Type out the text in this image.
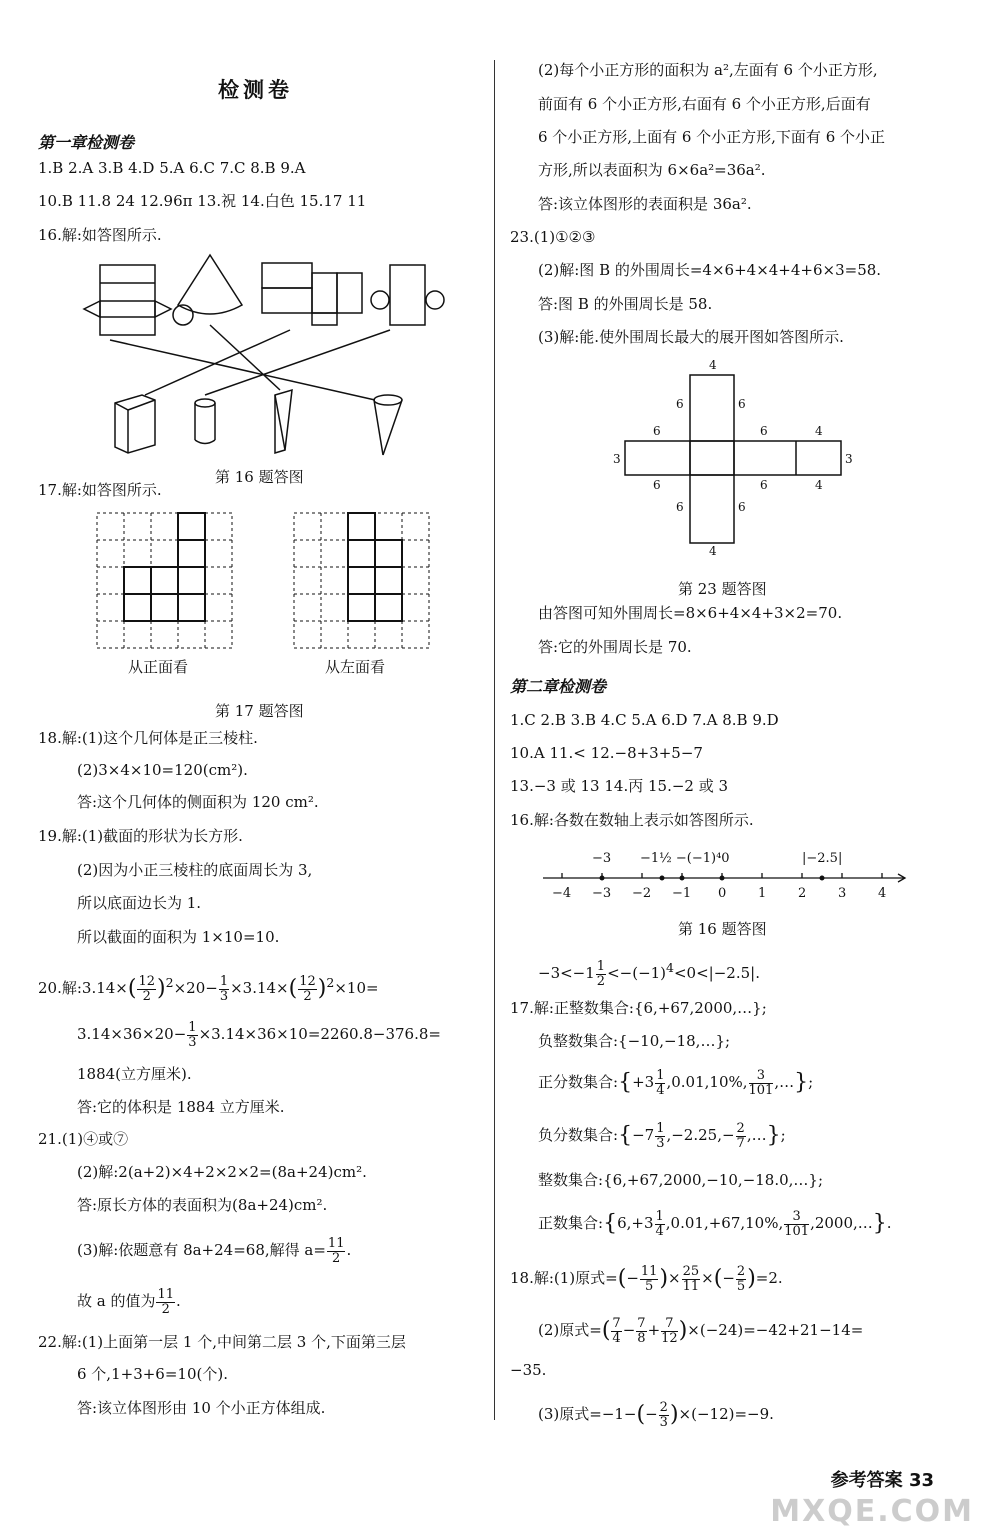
检测卷
第一章检测卷
1.B 2.A 3.B 4.D 5.A 6.C 7.C 8.B 9.A
10.B 11.8 24 12.96π 13.祝 14.白色 15.17 11
16.解:如答图所示.
第 16 题答图
17.解:如答图所示.
从正面看	从左面看
第 17 题答图
18.解:(1)这个几何体是正三棱柱.
(2)3×4×10=120(cm²).
答:这个几何体的侧面积为 120 cm².
19.解:(1)截面的形状为长方形.
(2)因为小正三棱柱的底面周长为 3,
所以底面边长为 1.
所以截面的面积为 1×10=10.
20.解:3.14×( $\frac{12}{2} )^2\times 20- \frac{1}{3} \times 3.14\times( \frac{12}{2} )^2\times 10=$
$3.14\times 36\times 20- \frac{1}{3} \times 3.14\times 36\times 10=2260.8-376.8=$
1884(立方厘米).
答:它的体积是 1884 立方厘米.
21.(1)④或⑦
(2)解:2(a+2)×4+2×2×2=(8a+24)cm².
答:原长方体的表面积为(8a+24)cm².
(3)解:依题意有 8a+24=68,解得 $a= \frac{11}{2}$ .
故 a 的值为 $\frac{11}{2}$ .
22.解:(1)上面第一层 1 个,中间第二层 3 个,下面第三层
6 个,1+3+6=10(个).
答:该立体图形由 10 个小正方体组成.
(2)每个小正方形的面积为 a²,左面有 6 个小正方形,
前面有 6 个小正方形,右面有 6 个小正方形,后面有
6 个小正方形,上面有 6 个小正方形,下面有 6 个小正
方形,所以表面积为 6×6a²=36a².
答:该立体图形的表面积是 36a².
23.(1)①②③
(2)解:图 B 的外围周长=4×6+4×4+4+6×3=58.
答:图 B 的外围周长是 58.
(3)解:能.使外围周长最大的展开图如答图所示.
4
4
6	6
6	6
6	6	4
6	6	4
3	3
第 23 题答图
由答图可知外围周长=8×6+4×4+3×2=70.
答:它的外围周长是 70.
第二章检测卷
1.C 2.B 3.B 4.C 5.A 6.D 7.A 8.B 9.D
10.A 11.< 12.−8+3+5−7
13.−3 或 13 14.丙 15.−2 或 3
16.解:各数在数轴上表示如答图所示.
−3 −1½ −(−1)⁴0	|−2.5|
−4 −3 −2 −1 0 1 2 3 4
第 16 题答图
$-3<-1 \frac{1}{2} <-(-1)^4<0<|-2.5|$.
17.解:正整数集合:{6,+67,2000,…};
负整数集合:{−10,−18,…};
正分数集合:{+3 $\frac{1}{4} ,0.01,10\%$, $\frac{3}{101}$ ,…};
负分数集合:{−7 $\frac{1}{3} ,-2.25,- \frac{2}{7}$ ,…};
整数集合:{6,+67,2000,−10,−18.0,…};
正数集合:{6,+3 $\frac{1}{4} ,0.01,+67,10\%$, $\frac{3}{101}$ ,2000,…}.
18.解:(1)原式=(− $\frac{11}{5}$ )× $\frac{25}{11}$ ×(− $\frac{2}{5} )=2$.
(2)原式=( $\frac{7}{4} - \frac{7}{8} + \frac{7}{12} )\times(-24)=-42+21-14=$
−35.
(3)原式$=-1-(- \frac{2}{3} )\times(-12)=-9$.
参考答案 33
MXQE.COM
